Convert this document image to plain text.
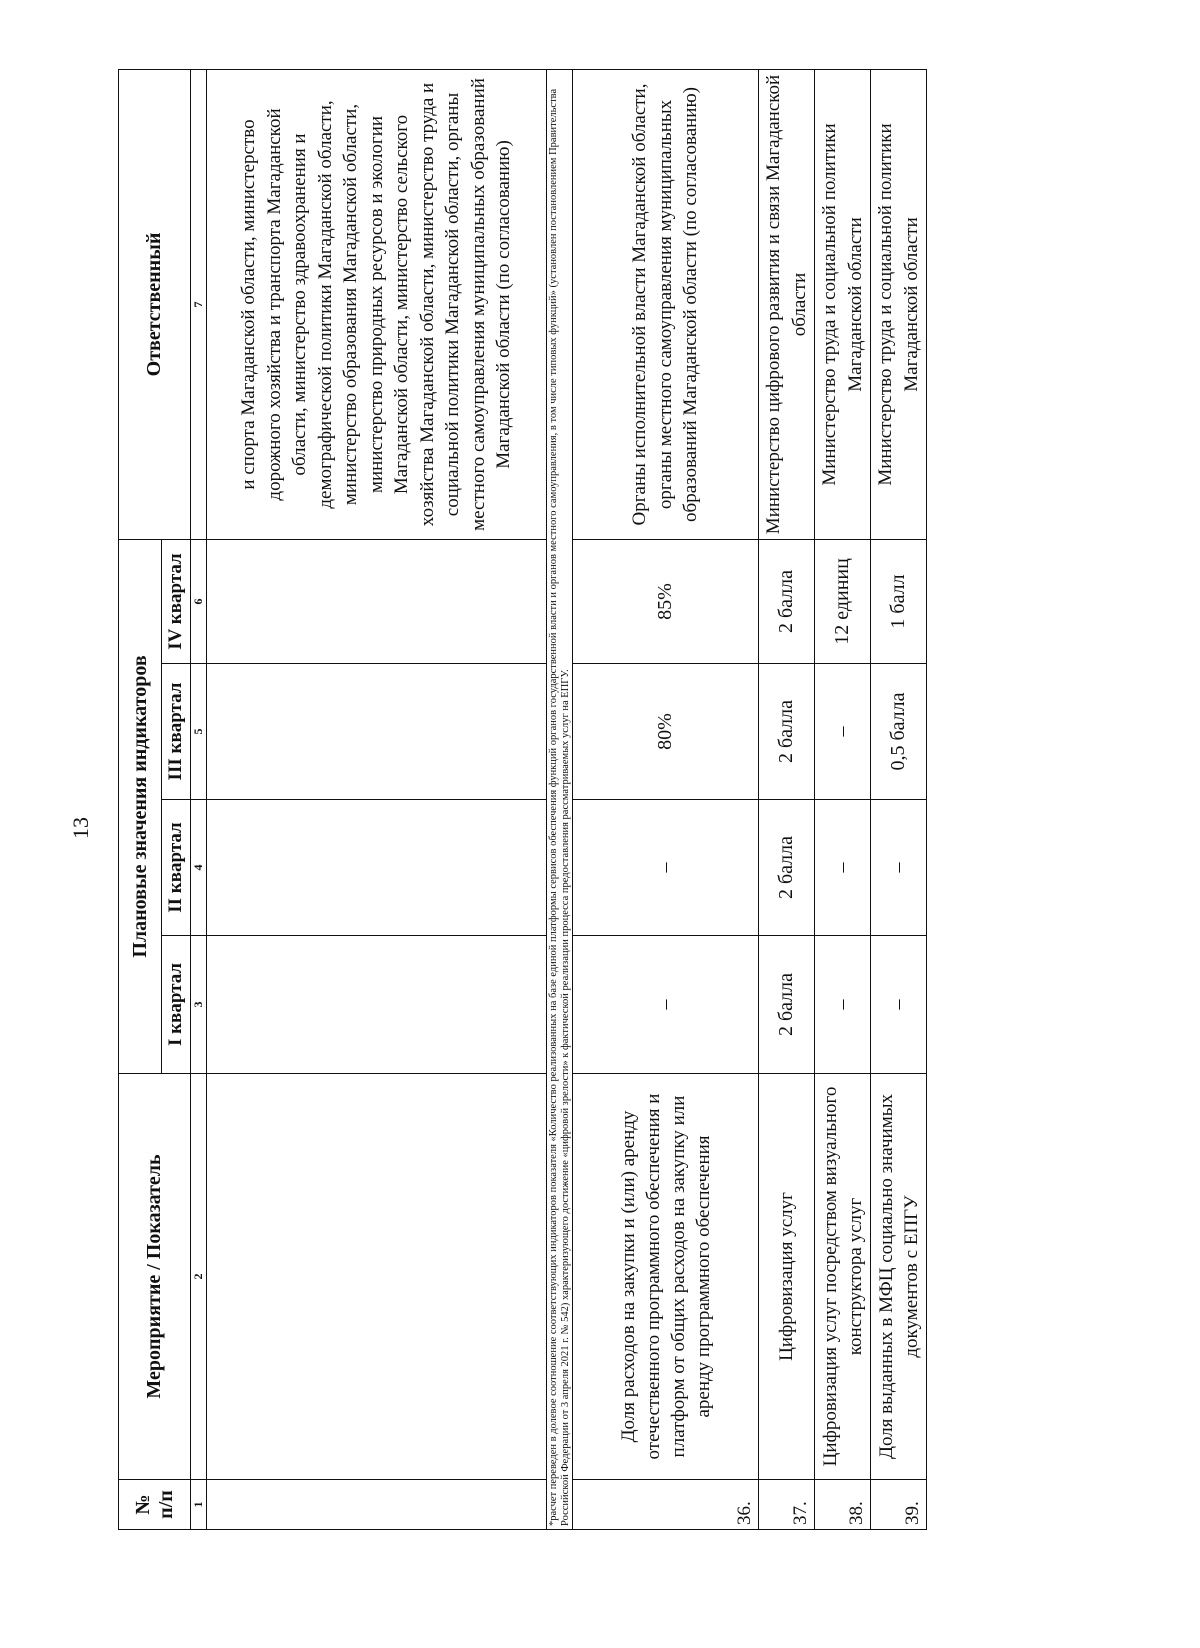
13
№ п/п	Мероприятие / Показатель	Плановые значения индикаторов				Ответственный
		I квартал	II квартал	III квартал	IV квартал	
1	2	3	4	5	6	7
						и спорта Магаданской области, министерство дорожного хозяйства и транспорта Магаданской области, министерство здравоохранения и демографической политики Магаданской области, министерство образования Магаданской области, министерство природных ресурсов и экологии Магаданской области, министерство сельского хозяйства Магаданской области, министерство труда и социальной политики Магаданской области, органы местного самоуправления муниципальных образований Магаданской области (по согласованию)
*расчет переведен в долевое соотношение соответствующих индикаторов показателя «Количество реализованных на базе единой платформы сервисов обеспечения функций органов государственной власти и органов местного самоуправления, в том числе типовых функций» (установлен постановлением Правительства Российской Федерации от 3 апреля 2021 г. № 542) характеризующего достижение «цифровой зрелости» к фактической реализации процесса предоставления рассматриваемых услуг на ЕПГУ.						
36.	Доля расходов на закупки и (или) аренду отечественного программного обеспечения и платформ от общих расходов на закупку или аренду программного обеспечения	–	–	80%	85%	Органы исполнительной власти Магаданской области, органы местного самоуправления муниципальных образований Магаданской области (по согласованию)
37.	Цифровизация услуг	2 балла	2 балла	2 балла	2 балла	Министерство цифрового развития и связи Магаданской области
38.	Цифровизация услуг посредством визуального конструктора услуг	–	–	–	12 единиц	Министерство труда и социальной политики Магаданской области
39.	Доля выданных в МФЦ социально значимых документов с ЕПГУ	–	–	0,5 балла	1 балл	Министерство труда и социальной политики Магаданской области
